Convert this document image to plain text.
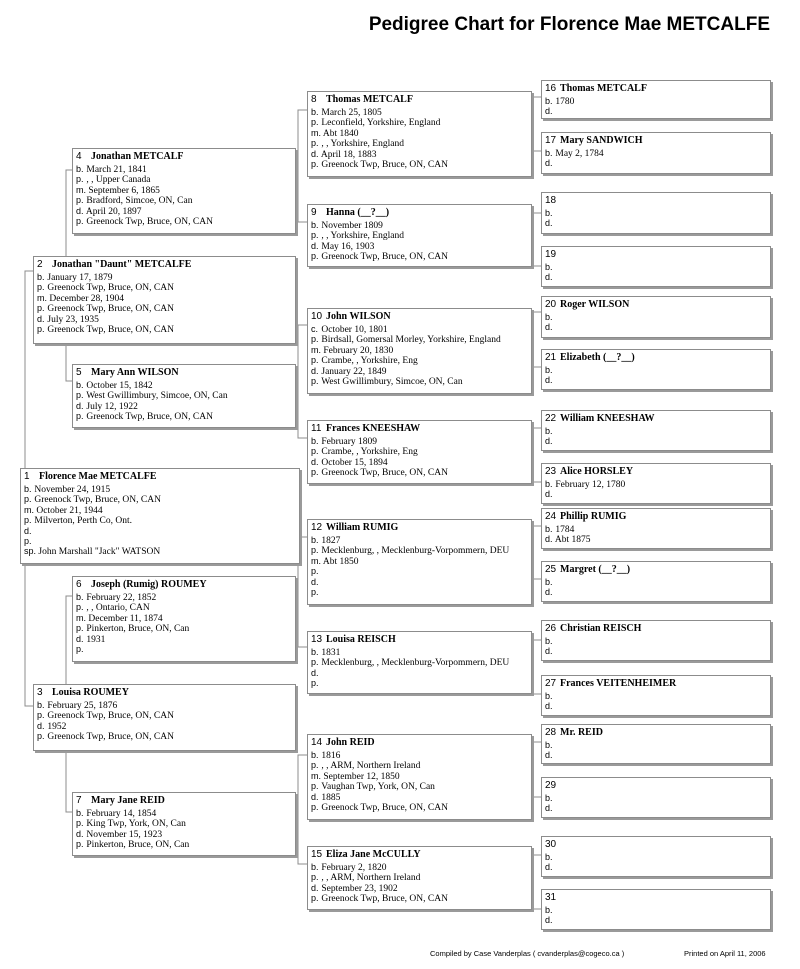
Pedigree Chart for Florence Mae METCALFE
1 $^{Florence Mae METCALFE}$
b. November 24, 1915
p. Greenock Twp, Bruce, ON, CAN
m. October 21, 1944
p. Milverton, Perth Co, Ont.
d.
p.
sp. John Marshall "Jack" WATSON
2 $^{Jonathan "Daunt" METCALFE}$
b. January 17, 1879
p. Greenock Twp, Bruce, ON, CAN
m. December 28, 1904
p. Greenock Twp, Bruce, ON, CAN
d. July 23, 1935
p. Greenock Twp, Bruce, ON, CAN
3 $^{Louisa ROUMEY}$
b. February 25, 1876
p. Greenock Twp, Bruce, ON, CAN
d. 1952
p. Greenock Twp, Bruce, ON, CAN
4 $^{Jonathan METCALF}$
b. March 21, 1841
p. , , Upper Canada
m. September 6, 1865
p. Bradford, Simcoe, ON, Can
d. April 20, 1897
p. Greenock Twp, Bruce, ON, CAN
5 $^{Mary Ann WILSON}$
b. October 15, 1842
p. West Gwillimbury, Simcoe, ON, Can
d. July 12, 1922
p. Greenock Twp, Bruce, ON, CAN
6 $^{Joseph (Rumig) ROUMEY}$
b. February 22, 1852
p. , , Ontario, CAN
m. December 11, 1874
p. Pinkerton, Bruce, ON, Can
d. 1931
p.
7 $^{Mary Jane REID}$
b. February 14, 1854
p. King Twp, York, ON, Can
d. November 15, 1923
p. Pinkerton, Bruce, ON, Can
8 $^{Thomas METCALF}$
b. March 25, 1805
p. Leconfield, Yorkshire, England
m. Abt 1840
p. , , Yorkshire, England
d. April 18, 1883
p. Greenock Twp, Bruce, ON, CAN
9 $^{Hanna (\_\_?\_\_)}$
b. November 1809
p. , , Yorkshire, England
d. May 16, 1903
p. Greenock Twp, Bruce, ON, CAN
10 $^{John WILSON}$
c. October 10, 1801
p. Birdsall, Gomersal Morley, Yorkshire, England
m. February 20, 1830
p. Crambe, , Yorkshire, Eng
d. January 22, 1849
p. West Gwillimbury, Simcoe, ON, Can
11 $^{Frances KNEESHAW}$
b. February 1809
p. Crambe, , Yorkshire, Eng
d. October 15, 1894
p. Greenock Twp, Bruce, ON, CAN
12 $^{William RUMIG}$
b. 1827
p. Mecklenburg, , Mecklenburg-Vorpommern, DEU
m. Abt 1850
p.
d.
p.
13 $^{Louisa REISCH}$
b. 1831
p. Mecklenburg, , Mecklenburg-Vorpommern, DEU
d.
p.
14 $^{John REID}$
b. 1816
p. , , ARM, Northern Ireland
m. September 12, 1850
p. Vaughan Twp, York, ON, Can
d. 1885
p. Greenock Twp, Bruce, ON, CAN
15 $^{Eliza Jane McCULLY}$
b. February 2, 1820
p. , , ARM, Northern Ireland
d. September 23, 1902
p. Greenock Twp, Bruce, ON, CAN
16 $^{Thomas METCALF}$
b. 1780
d.
17 $^{Mary SANDWICH}$
b. May 2, 1784
d.
18
b.
d.
19
b.
d.
20 $^{Roger WILSON}$
b.
d.
21 $^{Elizabeth (\_\_?\_\_)}$
b.
d.
22 $^{William KNEESHAW}$
b.
d.
23 $^{Alice HORSLEY}$
b. February 12, 1780
d.
24 $^{Phillip RUMIG}$
b. 1784
d. Abt 1875
25 $^{Margret (\_\_?\_\_)}$
b.
d.
26 $^{Christian REISCH}$
b.
d.
27 $^{Frances VEITENHEIMER}$
b.
d.
28 $^{Mr. REID}$
b.
d.
29
b.
d.
30
b.
d.
31
b.
d.
Compiled by Case Vanderplas ( cvanderplas@cogeco.ca )	Printed on April 11, 2006
